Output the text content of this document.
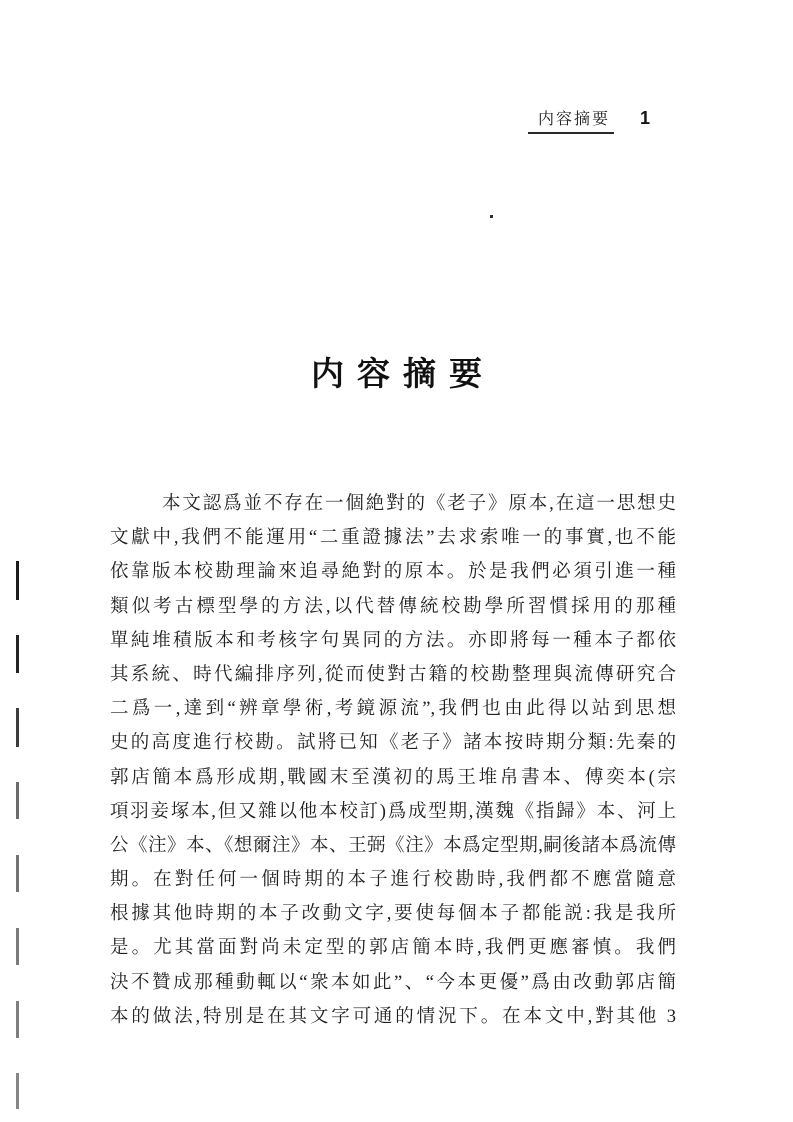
内容摘要 1
内容摘要
本文認爲並不存在一個絶對的《老子》原本,在這一思想史
文獻中,我們不能運用“二重證據法”去求索唯一的事實,也不能
依靠版本校勘理論來追尋絶對的原本。於是我們必須引進一種
類似考古標型學的方法,以代替傳統校勘學所習慣採用的那種
單純堆積版本和考核字句異同的方法。亦即將每一種本子都依
其系統、時代編排序列,從而使對古籍的校勘整理與流傳研究合
二爲一,達到“辨章學術,考鏡源流”,我們也由此得以站到思想
史的高度進行校勘。試將已知《老子》諸本按時期分類:先秦的
郭店簡本爲形成期,戰國末至漢初的馬王堆帛書本、傅奕本(宗
項羽妾塚本,但又雜以他本校訂)爲成型期,漢魏《指歸》本、河上
公《注》本、《想爾注》本、王弼《注》本爲定型期,嗣後諸本爲流傳
期。在對任何一個時期的本子進行校勘時,我們都不應當隨意
根據其他時期的本子改動文字,要使每個本子都能説:我是我所
是。尤其當面對尚未定型的郭店簡本時,我們更應審慎。我們
決不贊成那種動輒以“衆本如此”、“今本更優”爲由改動郭店簡
本的做法,特別是在其文字可通的情況下。在本文中,對其他 3
